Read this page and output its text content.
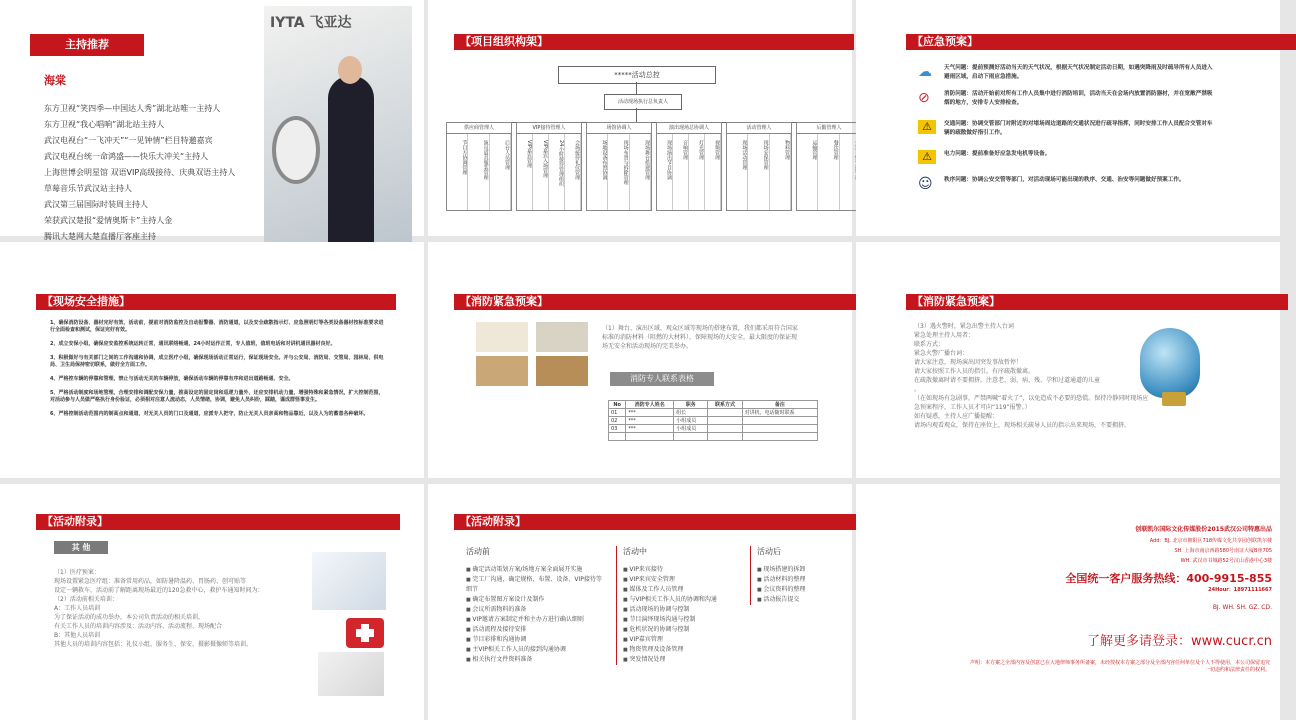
主持推荐
海棠
东方卫视“笑四季—中国达人秀”湖北站唯一主持人
东方卫视“我心唱响”湖北站主持人
武汉电视台“一飞冲天”“一见钟情”栏目特邀嘉宾
武汉电视台统一命鸿盛——快乐大冲关“主持人
上海世博会明星馆 双语VIP高级接待、庆典双语主持人
草莓音乐节武汉站主持人
武汉第三届国际时装周主持人
荣获武汉楚报“爱情奥斯卡”主持人金
腾讯大楚网大楚直播厅客座主持
IYTA 飞亚达
【项目组织构架】
*****活动总控
活动现场执行总负责人
供应商管理人
节目方协调管理	演员道具服装管理	后台人员管理
VIP接待管理人
VIP嘉宾管理	VIP嘉宾入场管理	24小时接待管理组织	会场接待礼仪管理
场馆协调人
场地设备布置协调	现场布置与拆除管理	现场舞台搭建管理
演出现场总协调人
现场演出节目协调	音响管理	灯光管理	视频管理
活动管理人
现场活动管理	现场安保管理	物料管理
后勤管理人
运输管理	餐饮管理
【应急预案】
☁	天气问题：提前预测好活动当天的天气状况，根据天气状况制定活动日期，如遇突降雨及时疏导所有人员进入避雨区域，启动下雨应急措施。
⊘	消防问题：活动开始前对所有工作人员集中进行消防培训，活动当天在会场内放置消防器材，并在宽敞严禁吸烟的地方，安排专人安排检查。
⚠	交通问题：协调交管部门对附近的对堵场周边道路的交通状况进行疏导指挥，同时安排工作人员配合交管对车辆的疏散做好指引工作。
⚠	电力问题：提前准备好应急发电机等设备。
☺	秩序问题：协调公安交管等部门，对活动现场可能出现的秩序、交通、治安等问题做好预案工作。
【现场安全措施】
1、确保消防设备、器材完好有效、活动前，提前对消防监控及自动报警器、消防通道，以及安全疏散指示灯、应急照明灯等各类设备器材按标准要求进行全面检查和测试，保证完好有效。
2、成立安保小组，确保应安监控系统运转正常，通讯联络畅通，24小时运作正常，专人值班，值班电话和对讲机通讯器材良好。
3、积极做好与有关部门之间的工作沟通和协调，成立医疗小组，确保现场活动正常运行，保证现场安全。并与公安局、消防局、交管局、园林局、供电局、卫生局保持密切联系，做好全方面工作。
4、严格控车辆的停靠和管理，禁止与活动无关的车辆停放，确保活动车辆的停靠有序和进出道路畅通、安全。
5、严格活动制度和场地管理，合理安排和调配安保力量，推高设定的固定岗和巡逻力量外，还应安排机动力量，增强特殊和紧急情况，扩大控制范围，对活动参与人员做严格执行身份验证，必须相对注意人流动态，人员情绪，协调，避免人员纠纷，踩踏，谨成群怪事发生。
6、严格控制活动范围内的制高点和通道，对无关人员的门口及通道，应派专人把守，防止无关人员亲高和物品靠近，以及人为的蓄意各种破坏。
【消防紧急预案】
（1）舞台、演出区域、观众区域等现场的搭建布置，我们都采用符合国家标准的消防材料（阻燃的大材料），保障现场的大安全，最大限度的保证现场无安全和活动现场的完美举办。
消防专人联系表格
No	消防专人姓名	职务	联系方式	备注
01	***	组长		对讲机，电话随时联系
02	***	小组成员		
03	***	小组成员		

【消防紧急预案】
（3）遇火警时，紧急出警主持人台词
紧急处理主持人用者：
联系方式：
紧急火警广播台词：
请大家注意，现场演出因突发事故暂停！
请大家按照工作人员的指引，有序疏散撤离。
在疏散撤离时请不要拥挤，注意老、弱、病、残、孕和过道通道的儿童
。
（在如现场有急剧事，严禁两喊“着火了”，以免造成不必要的恐慌。保持冷静同时现场应急预案程序，工作人员才可向“119”报警。）
如有疑惑，主持人应广播提醒：
请场内观看观众，保持在座位上，现场相关疏导人员的指示出来现场，不要拥挤。
【活动附录】
其 他
（1）医疗预案：
现场设置紧急医疗组：准备常用药品，如防暑降温药、胃肠药、创可贴等
设定一辆救车，活动前了解距离现场最近的120急救中心，救护车通知时间为：
（2）活动前相关培训：
A：工作人员培训
为了保证活动的成功举办，本公司负责活动的相关培训，
有关工作人员的培训内容涉及：活动内容、活动流程、现场配合
B：其他人员培训
其他人员的培训内容包括：礼仪小组、服务生、保安、摄影摄像师等培训。
【活动附录】
活动前
■ 确定活动策划方案/场地方案全面展开实施
■ 完工厂沟通，确定规格、布置、设备、VIP接待等细节
■ 确定布置图方案设计及制作
■ 会议所需物料的准备
■ VIP邀请方案制定并和主办方进行确认细则
■ 活动流程及接待安排
■ 节目彩排和沟通协调
■ 主VIP相关工作人员的接到沟通协调
■ 相关执行文件资料准备
活动中
■ VIP来宾接待
■ VIP来宾安全管理
■ 媒体及工作人员管理
■ 与VIP相关工作人员的协调和沟通
■ 活动现场的协调与控制
■ 节目演绎现场沟通与控制
■ 危机状况的协调与控制
■ VIP嘉宾管理
■ 物资管理及设备管理
■ 突发情况处理
活动后
■ 现场搭建的拆卸
■ 活动材料的整理
■ 会议资料的整理
■ 活动报告提交
创联凯尔国际文化传媒股份2015武汉公司特惠出品
Add：BJ. 北京市朝阳区718传媒文化共享园创联凯尔楼
SH. 上海市南京西路580号南证大厦B座705
WH. 武汉市书城路52号汉山香港中心3楼
全国统一客户服务热线：400-9915-855
24Hour：18971111667
BJ. WH. SH. GZ. CD.
了解更多请登录：www.cucr.cn
声明：本方案之全部内容及创意已在大地律师事务所备案，未经授权本方案之部分及全部内容任何单位及个人不得使用，本公司保留追究一切违约和法律责任的权利。
